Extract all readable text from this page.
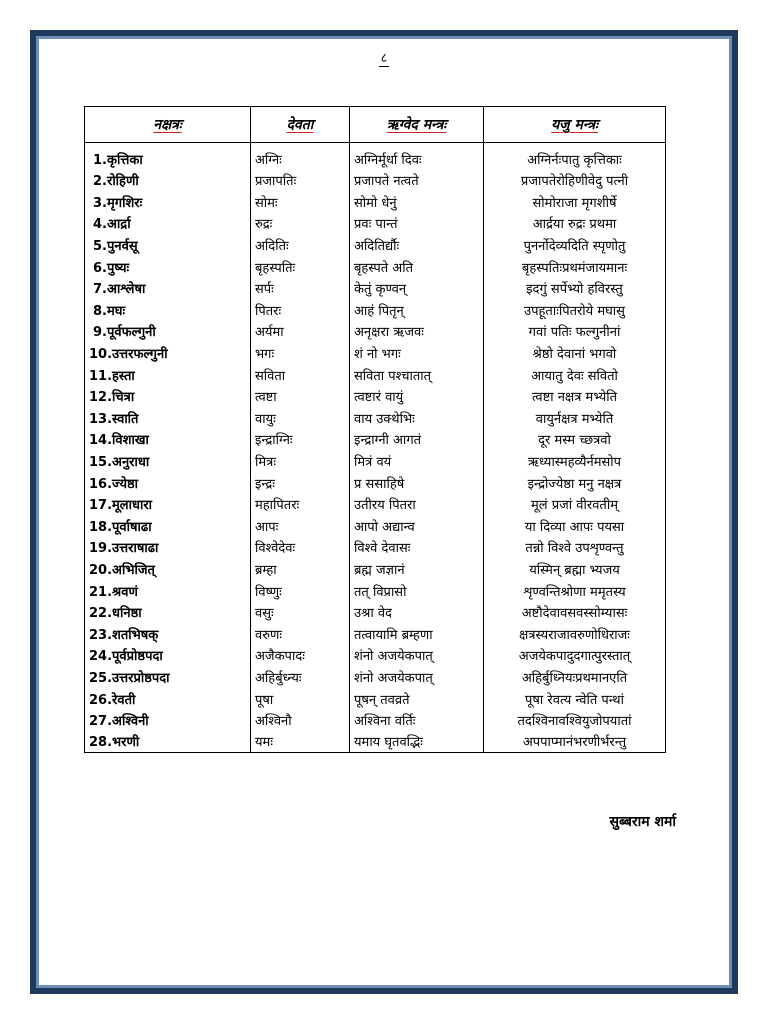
८
नक्षत्रः	देवता	ऋग्वेद मन्त्रः	यजु मन्त्रः
1.कृत्तिका	अग्निः	अग्निर्मूर्धा दिवः	अग्निर्नःपातु कृत्तिकाः
2.रोहिणी	प्रजापतिः	प्रजापते नत्वते	प्रजापतेरोहिणीवेदु पत्नी
3.मृगशिरः	सोमः	सोमो धेनुं	सोमोराजा मृगशीर्षे
4.आर्द्रा	रुद्रः	प्रवः पान्तं	आर्द्रया रुद्रः प्रथमा
5.पुनर्वसू	अदितिः	अदितिर्द्यौः	पुनर्नोदेव्यदिति स्पृणोतु
6.पुष्यः	बृहस्पतिः	बृहस्पते अति	बृहस्पतिःप्रथमंजायमानः
7.आश्लेषा	सर्पः	केतुं कृण्वन्	इदगुं सर्पेभ्यो हविरस्तु
8.मघः	पितरः	आहं पितृन्	उपहूताःपितरोये मघासु
9.पूर्वफल्गुनी	अर्यमा	अनृक्षरा ऋजवः	गवां पतिः फल्गुनीनां
10.उत्तरफल्गुनी	भगः	शं नो भगः	श्रेष्ठो देवानां भगवो
11.हस्ता	सविता	सविता पश्चातात्	आयातु देवः सवितो
12.चित्रा	त्वष्टा	त्वष्टारं वायुं	त्वष्टा नक्षत्र मभ्येति
13.स्वाति	वायुः	वाय उक्थेभिः	वायुर्नक्षत्र मभ्येति
14.विशाखा	इन्द्राग्निः	इन्द्राग्नी आगतं	दूर मस्म च्छत्रवो
15.अनुराधा	मित्रः	मित्रं वयं	ऋध्यास्महव्यैर्नमसोप
16.ज्येष्ठा	इन्द्रः	प्र ससाहिषे	इन्द्रोज्येष्ठा मनु नक्षत्र
17.मूलाधारा	महापितरः	उतीरय पितरा	मूलं प्रजां वीरवतीम्
18.पूर्वाषाढा	आपः	आपो अद्यान्व	या दिव्या आपः पयसा
19.उत्तराषाढा	विश्वेदेवः	विश्वे देवासः	तन्नो विश्वे उपशृण्वन्तु
20.अभिजित्	ब्रम्हा	ब्रह्म जज्ञानं	यस्मिन् ब्रह्मा भ्यजय
21.श्रवणं	विष्णुः	तत् विप्रासो	शृण्वन्तिश्रोणा ममृतस्य
22.धनिष्ठा	वसुः	उश्रा वेद	अष्टौदेवावसवस्सोम्यासः
23.शतभिषक्	वरुणः	तत्वायामि ब्रम्हणा	क्षत्रस्यराजावरुणोधिराजः
24.पूर्वप्रोष्ठपदा	अजैकपादः	शंनो अजयेकपात्	अजयेकपादुदगात्पुरस्तात्
25.उत्तरप्रोष्ठपदा	अहिर्बुध्न्यः	शंनो अजयेकपात्	अहिर्बुध्नियःप्रथमानएति
26.रेवती	पूषा	पूषन् तवव्रते	पूषा रेवत्य न्वेति पन्थां
27.अश्विनी	अश्विनौ	अश्विना वर्तिः	तदश्विनावश्वियुजोपयातां
28.भरणी	यमः	यमाय घृतवद्भिः	अपपाप्मानंभरणीर्भरन्तु
सुब्बराम शर्मा
